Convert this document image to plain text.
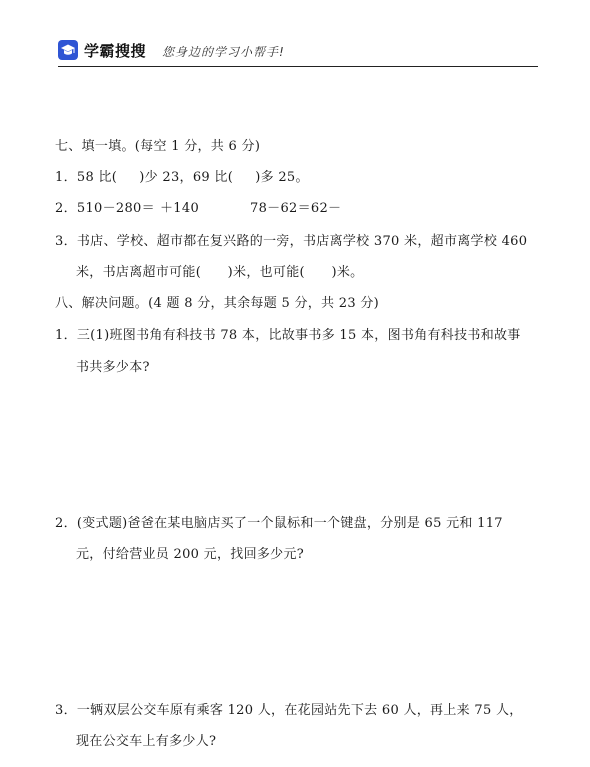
学霸搜搜 您身边的学习小帮手!
七、填一填。(每空 1 分，共 6 分)
1．58 比(     )少 23，69 比(     )多 25。
2．510－280＝ ＋140	78－62＝62－
3．书店、学校、超市都在复兴路的一旁，书店离学校 370 米，超市离学校 460
米，书店离超市可能(      )米，也可能(      )米。
八、解决问题。(4 题 8 分，其余每题 5 分，共 23 分)
1．三(1)班图书角有科技书 78 本，比故事书多 15 本，图书角有科技书和故事
书共多少本?
2．(变式题)爸爸在某电脑店买了一个鼠标和一个键盘，分别是 65 元和 117
元，付给营业员 200 元，找回多少元?
3．一辆双层公交车原有乘客 120 人，在花园站先下去 60 人，再上来 75 人，
现在公交车上有多少人?
